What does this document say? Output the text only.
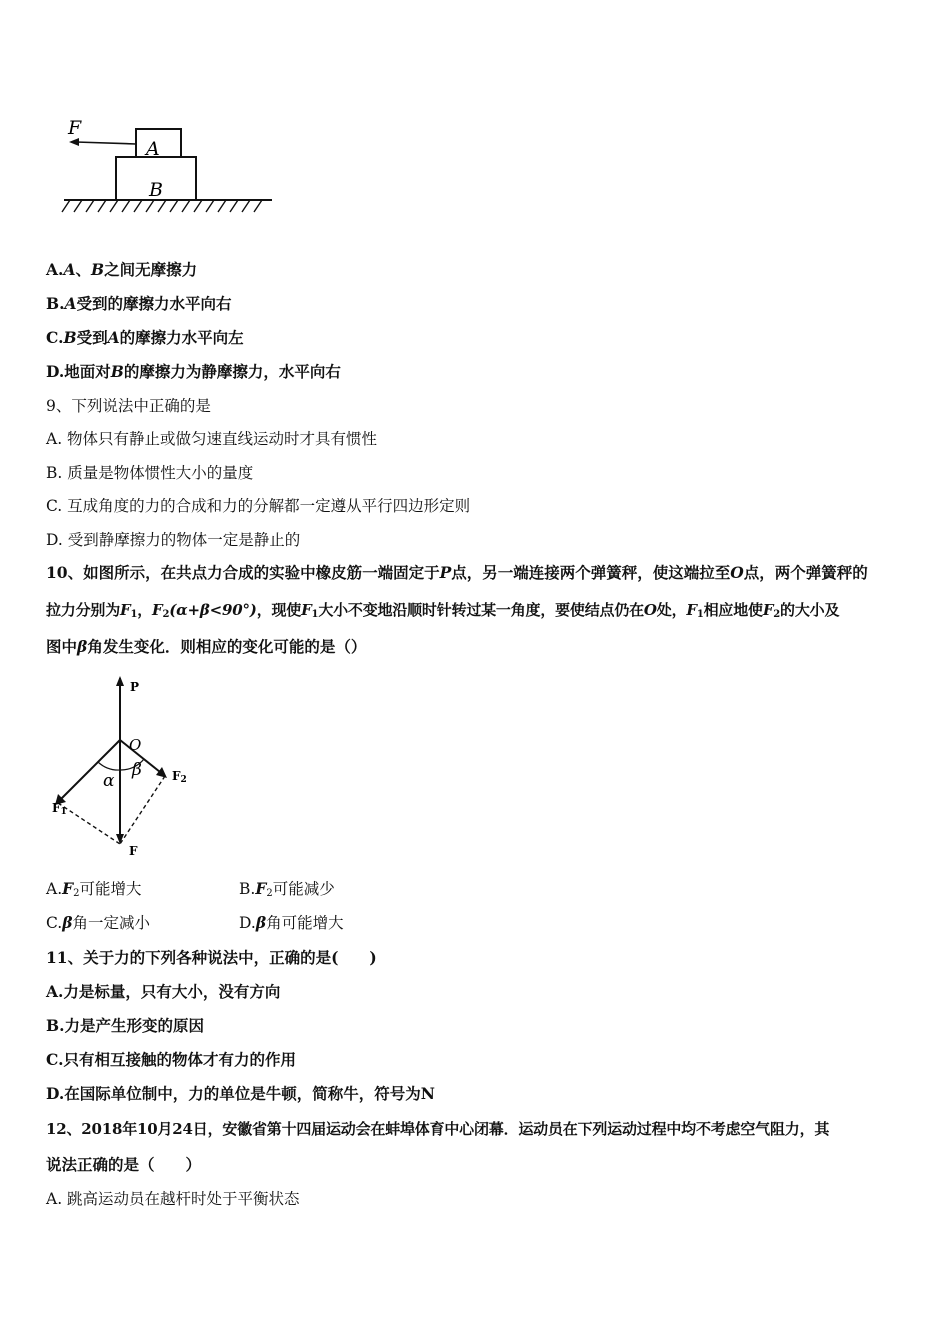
F
A
B
A.A、B之间无摩擦力
B.A受到的摩擦力水平向右
C.B受到A的摩擦力水平向左
D.地面对B的摩擦力为静摩擦力，水平向右
9、下列说法中正确的是
A. 物体只有静止或做匀速直线运动时才具有惯性
B. 质量是物体惯性大小的量度
C. 互成角度的力的合成和力的分解都一定遵从平行四边形定则
D. 受到静摩擦力的物体一定是静止的
10、如图所示，在共点力合成的实验中橡皮筋一端固定于P点，另一端连接两个弹簧秤，使这端拉至O点，两个弹簧秤的
拉力分别为$F_1$，$F_2(\alpha+\beta<90^\circ)$，现使$F_1$大小不变地沿顺时针转过某一角度，要使结点仍在O处，$F_1$相应地使$F_2$的大小及
图中β角发生变化．则相应的变化可能的是（）
P
O
α
β	F2
F1
F
$A.F_2$可能增大	$B.F_2$可能减少
C.β角一定减小	D.β角可能增大
11、关于力的下列各种说法中，正确的是(　　)
A.力是标量，只有大小，没有方向
B.力是产生形变的原因
C.只有相互接触的物体才有力的作用
D.在国际单位制中，力的单位是牛顿，简称牛，符号为N
12、2018年10月24日，安徽省第十四届运动会在蚌埠体育中心闭幕．运动员在下列运动过程中均不考虑空气阻力，其
说法正确的是（　　）
A. 跳高运动员在越杆时处于平衡状态
